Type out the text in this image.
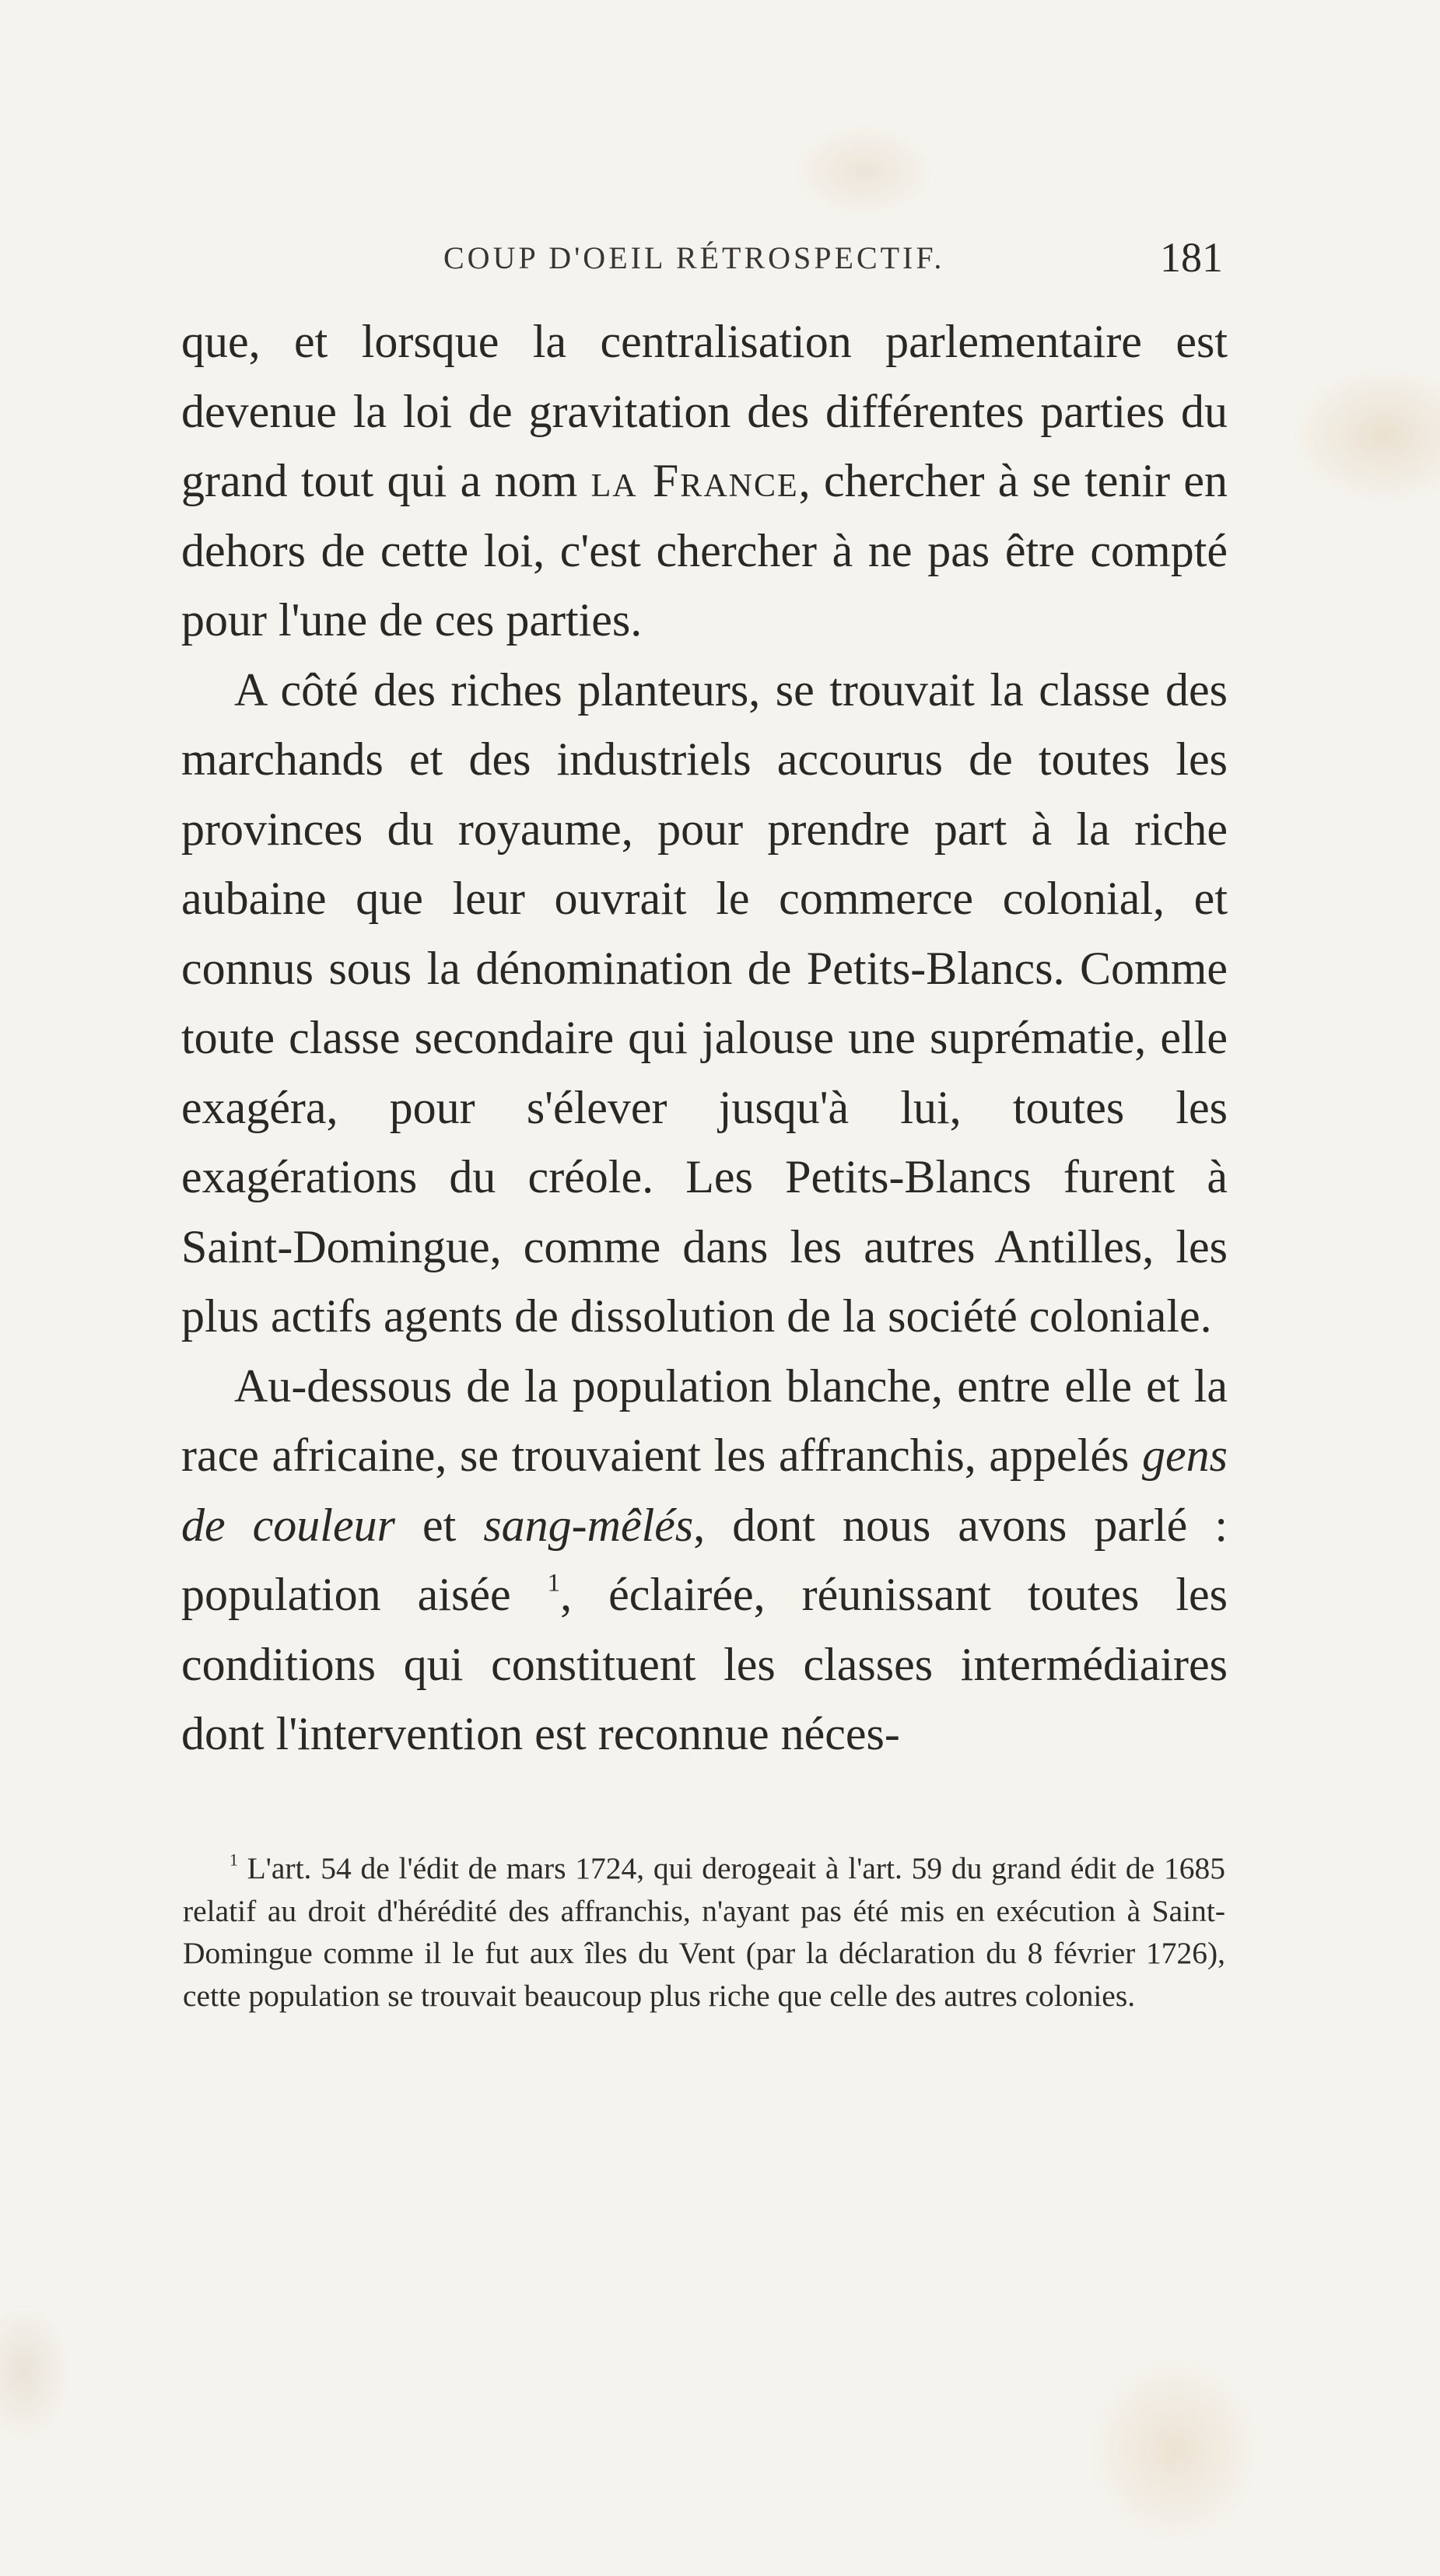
COUP D'OEIL RÉTROSPECTIF.	181

que, et lorsque la centralisation parlementaire est devenue la loi de gravitation des différentes parties du grand tout qui a nom la France, chercher à se tenir en dehors de cette loi, c'est chercher à ne pas être compté pour l'une de ces parties.

A côté des riches planteurs, se trouvait la classe des marchands et des industriels accourus de toutes les provinces du royaume, pour prendre part à la riche aubaine que leur ouvrait le commerce colonial, et connus sous la dénomination de Petits-Blancs. Comme toute classe secondaire qui jalouse une suprématie, elle exagéra, pour s'élever jusqu'à lui, toutes les exagérations du créole. Les Petits-Blancs furent à Saint-Domingue, comme dans les autres Antilles, les plus actifs agents de dissolution de la société coloniale.

Au-dessous de la population blanche, entre elle et la race africaine, se trouvaient les affranchis, appelés gens de couleur et sang-mêlés, dont nous avons parlé : population aisée $^1$, éclairée, réunissant toutes les conditions qui constituent les classes intermédiaires dont l'intervention est reconnue néces-

$^1$ L'art. 54 de l'édit de mars 1724, qui derogeait à l'art. 59 du grand édit de 1685 relatif au droit d'hérédité des affranchis, n'ayant pas été mis en exécution à Saint-Domingue comme il le fut aux îles du Vent (par la déclaration du 8 février 1726), cette population se trouvait beaucoup plus riche que celle des autres colonies.
